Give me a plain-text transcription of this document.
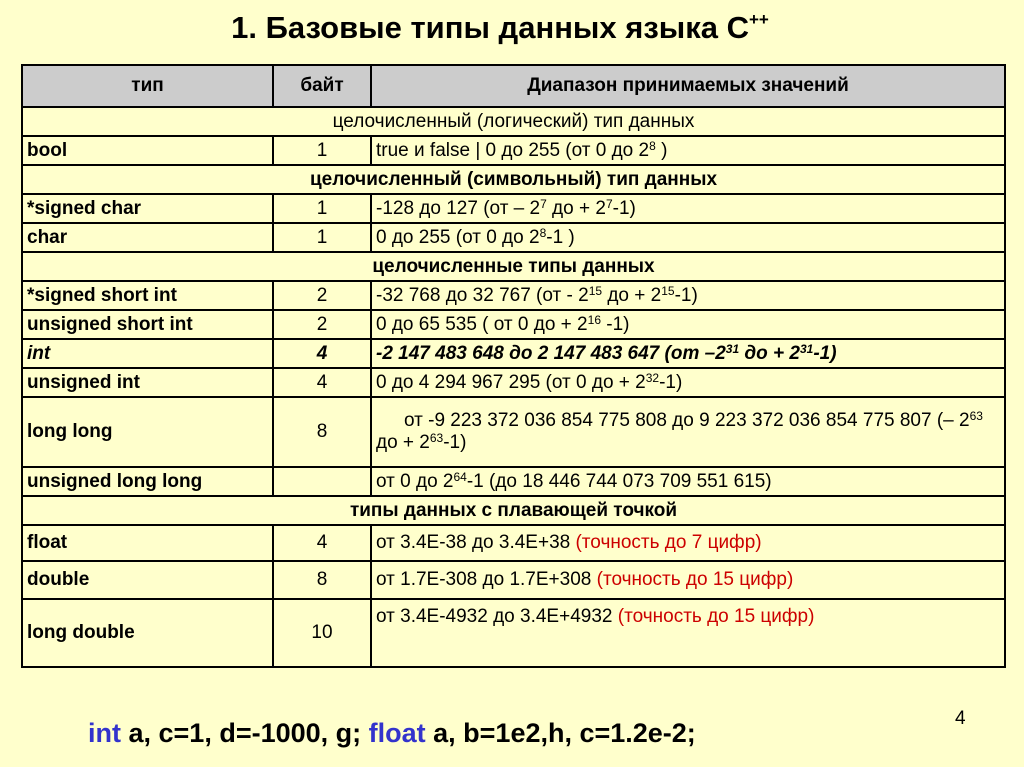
1. Базовые типы данных языка С++
тип	байт	Диапазон принимаемых значений
целочисленный (логический) тип данных		
bool	1	true и false | 0 до 255 (от 0 до $2^8$ )
целочисленный (символьный) тип данных		
*signed char	1	-128 до 127 ($от - 2^7$ до + $2^7-1$)
char	1	0 до 255 (от 0 до $2^8-1$ )
целочисленные типы данных		
*signed short int	2	-32 768 до 32 767 ($от - 2^{15}$ до + $2^{15}-1$)
unsigned short int	2	0 до 65 535 ( от 0 до + $2^{16}$ -1)
int	4	-2 147 483 648 до 2 147 483 647 (от $-2^{31}$ до + $2^{31}-1$)
unsigned int	4	0 до 4 294 967 295 (от 0 до + $2^{32}-1$)
long long	8	от -9 223 372 036 854 775 808 до 9 223 372 036 854 775 807 (– $2^{63}$ до + $2^{63}-1$)
unsigned long long		от 0 до $2^{64}-1$ (до 18 446 744 073 709 551 615)
типы данных с плавающей точкой		
float	4	от 3.4E-38 до 3.4E+38 (точность до 7 цифр)
double	8	от 1.7E-308 до 1.7E+308 (точность до 15 цифр)
long double	10	от 3.4E-4932 до 3.4E+4932 (точность до 15 цифр)
int a, c=1, d=-1000, g; float a, b=1e2,h, c=1.2e-2;	4
